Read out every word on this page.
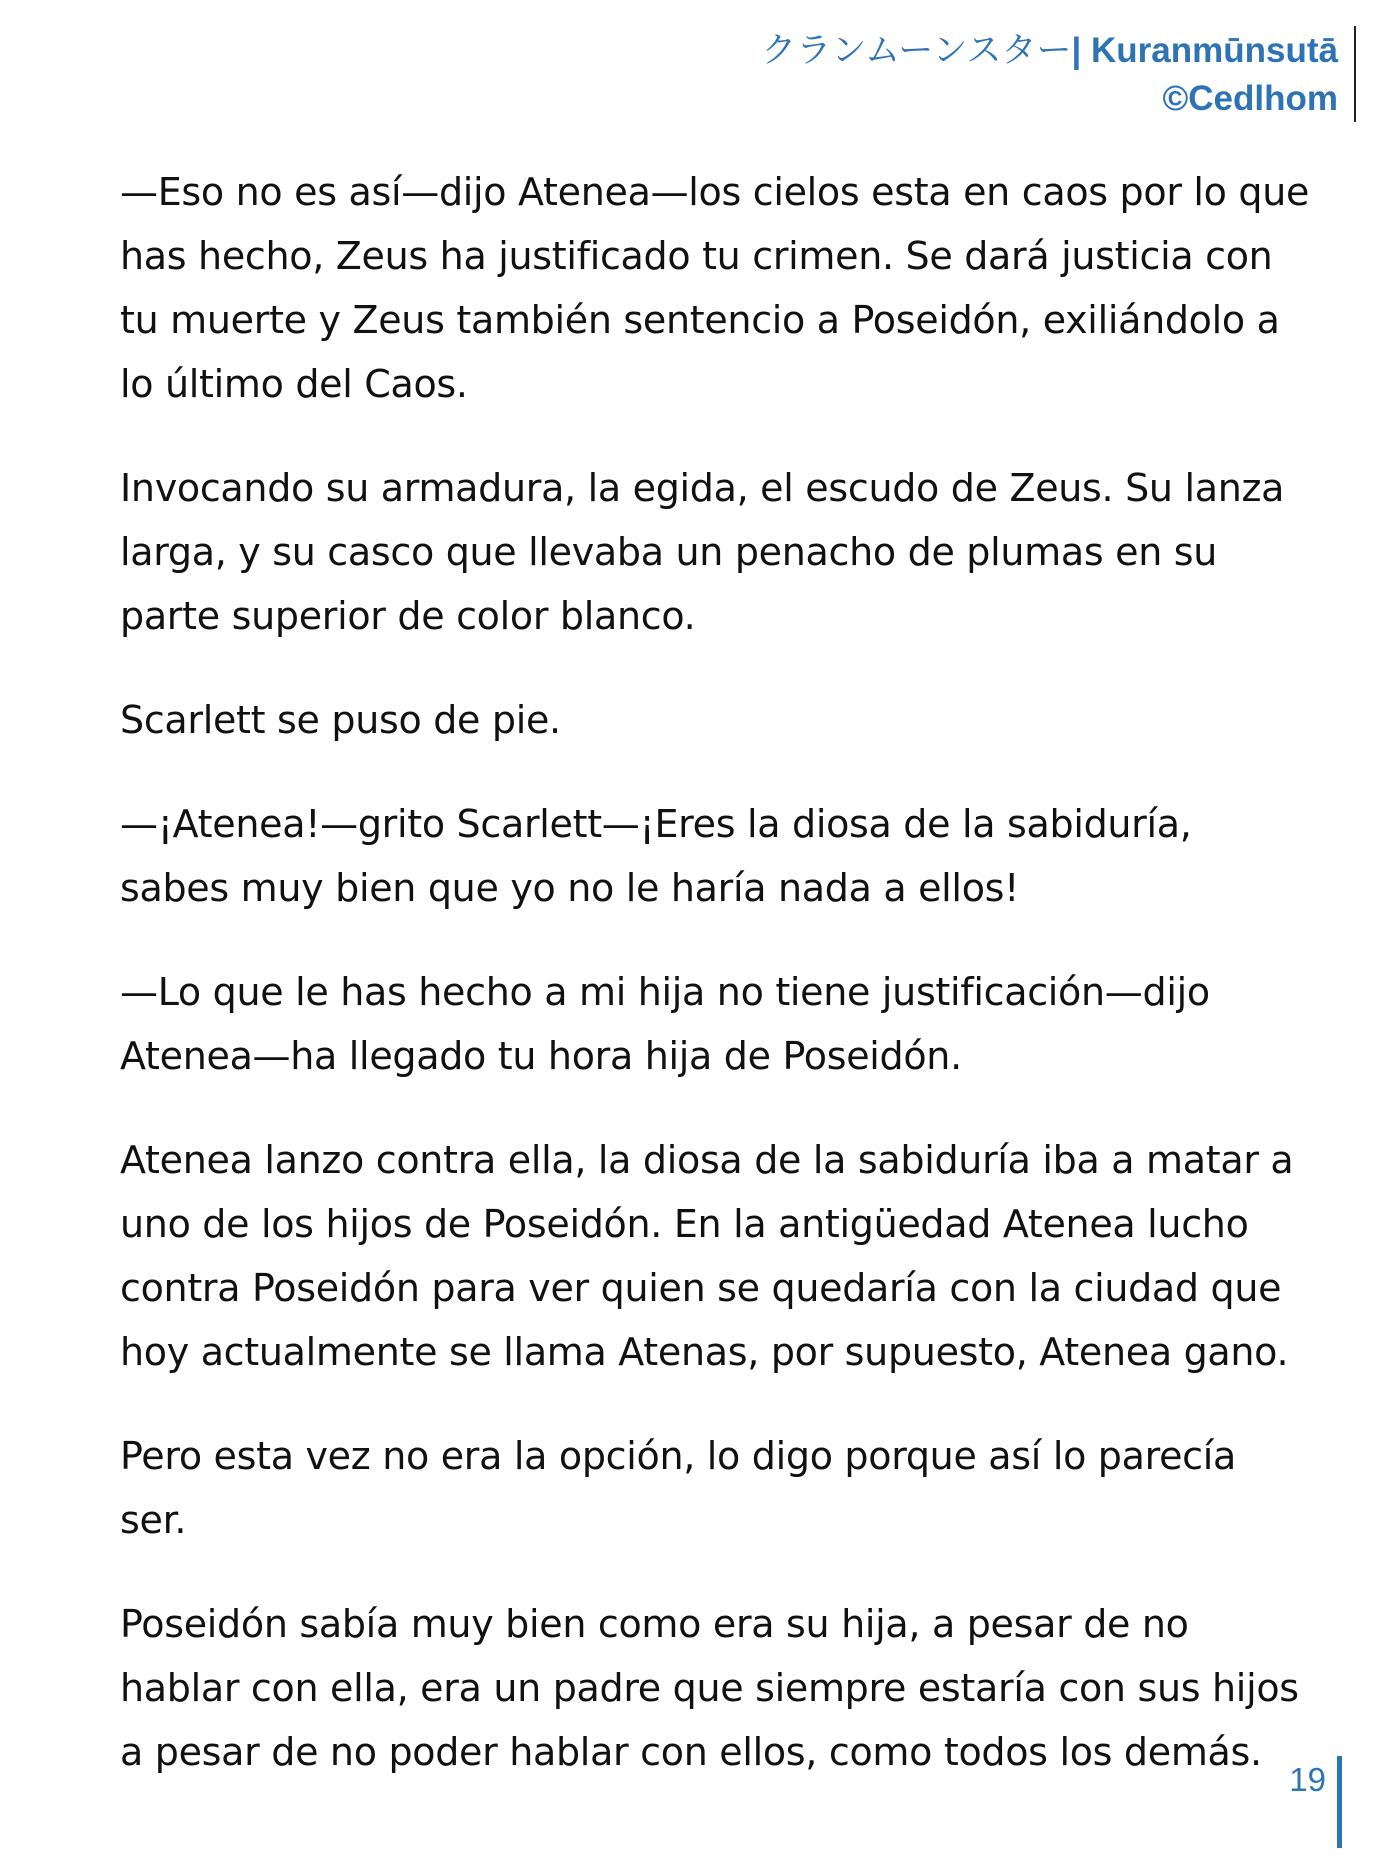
クランムーンスター| Kuranmūnsutā
©Cedlhom

—Eso no es así—dijo Atenea—los cielos esta en caos por lo que has hecho, Zeus ha justificado tu crimen. Se dará justicia con tu muerte y Zeus también sentencio a Poseidón, exiliándolo a lo último del Caos.

Invocando su armadura, la egida, el escudo de Zeus. Su lanza larga, y su casco que llevaba un penacho de plumas en su parte superior de color blanco.

Scarlett se puso de pie.

—¡Atenea!—grito Scarlett—¡Eres la diosa de la sabiduría, sabes muy bien que yo no le haría nada a ellos!

—Lo que le has hecho a mi hija no tiene justificación—dijo Atenea—ha llegado tu hora hija de Poseidón.

Atenea lanzo contra ella, la diosa de la sabiduría iba a matar a uno de los hijos de Poseidón. En la antigüedad Atenea lucho contra Poseidón para ver quien se quedaría con la ciudad que hoy actualmente se llama Atenas, por supuesto, Atenea gano.

Pero esta vez no era la opción, lo digo porque así lo parecía ser.

Poseidón sabía muy bien como era su hija, a pesar de no hablar con ella, era un padre que siempre estaría con sus hijos a pesar de no poder hablar con ellos, como todos los demás.

19
